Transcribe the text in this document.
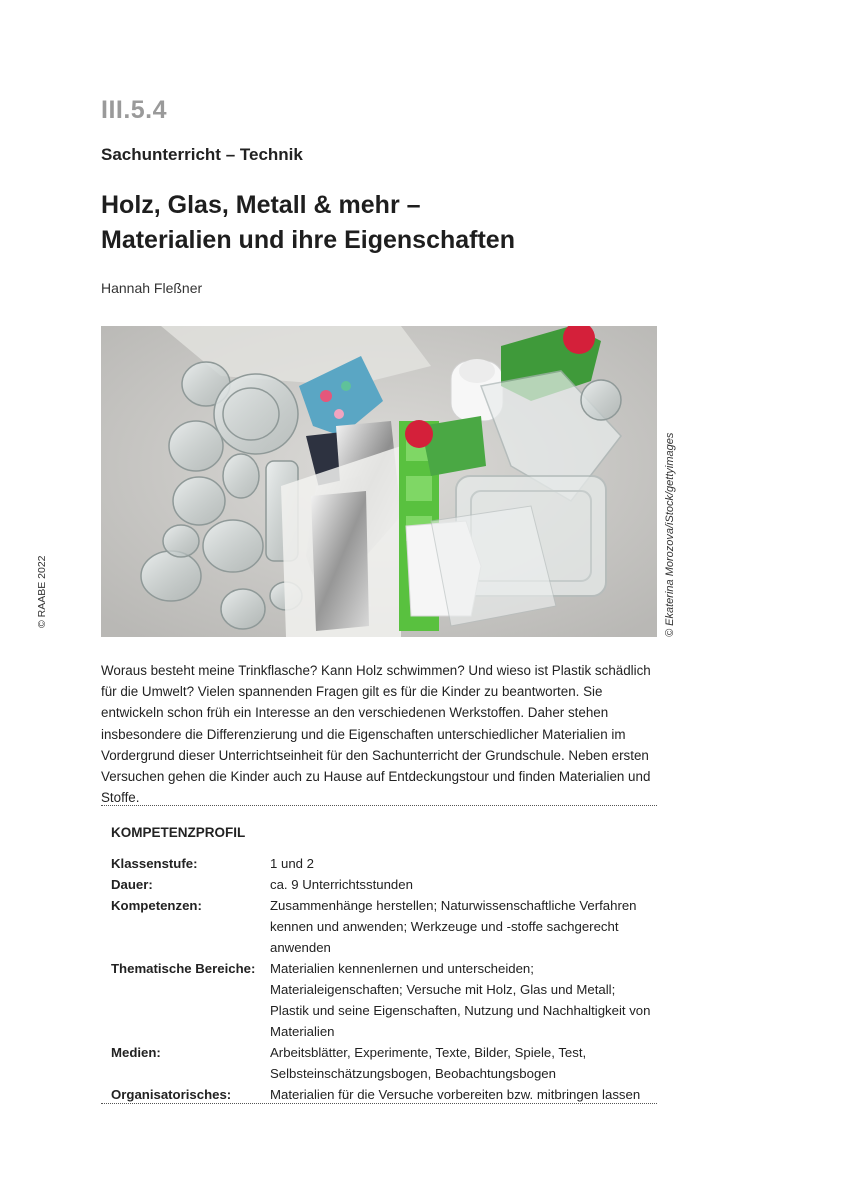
III.5.4
Sachunterricht – Technik
Holz, Glas, Metall & mehr –
Materialien und ihre Eigenschaften
Hannah Fleßner
© Ekaterina Morozova/iStock/gettyimages
© RAABE 2022

Woraus besteht meine Trinkflasche? Kann Holz schwimmen? Und wieso ist Plastik schädlich für die Umwelt? Vielen spannenden Fragen gilt es für die Kinder zu beantworten. Sie entwickeln schon früh ein Interesse an den verschiedenen Werkstoffen. Daher stehen insbesondere die Differenzierung und die Eigenschaften unterschiedlicher Materialien im Vordergrund dieser Unterrichtseinheit für den Sachunterricht der Grundschule. Neben ersten Versuchen gehen die Kinder auch zu Hause auf Entdeckungstour und finden Materialien und Stoffe.

KOMPETENZPROFIL
Klassenstufe:	1 und 2
Dauer:	ca. 9 Unterrichtsstunden
Kompetenzen:	Zusammenhänge herstellen; Naturwissenschaftliche Verfahren kennen und anwenden; Werkzeuge und -stoffe sachgerecht anwenden
Thematische Bereiche:	Materialien kennenlernen und unterscheiden; Materialeigenschaften; Versuche mit Holz, Glas und Metall; Plastik und seine Eigenschaften, Nutzung und Nachhaltigkeit von Materialien
Medien:	Arbeitsblätter, Experimente, Texte, Bilder, Spiele, Test, Selbsteinschätzungsbogen, Beobachtungsbogen
Organisatorisches:	Materialien für die Versuche vorbereiten bzw. mitbringen lassen
